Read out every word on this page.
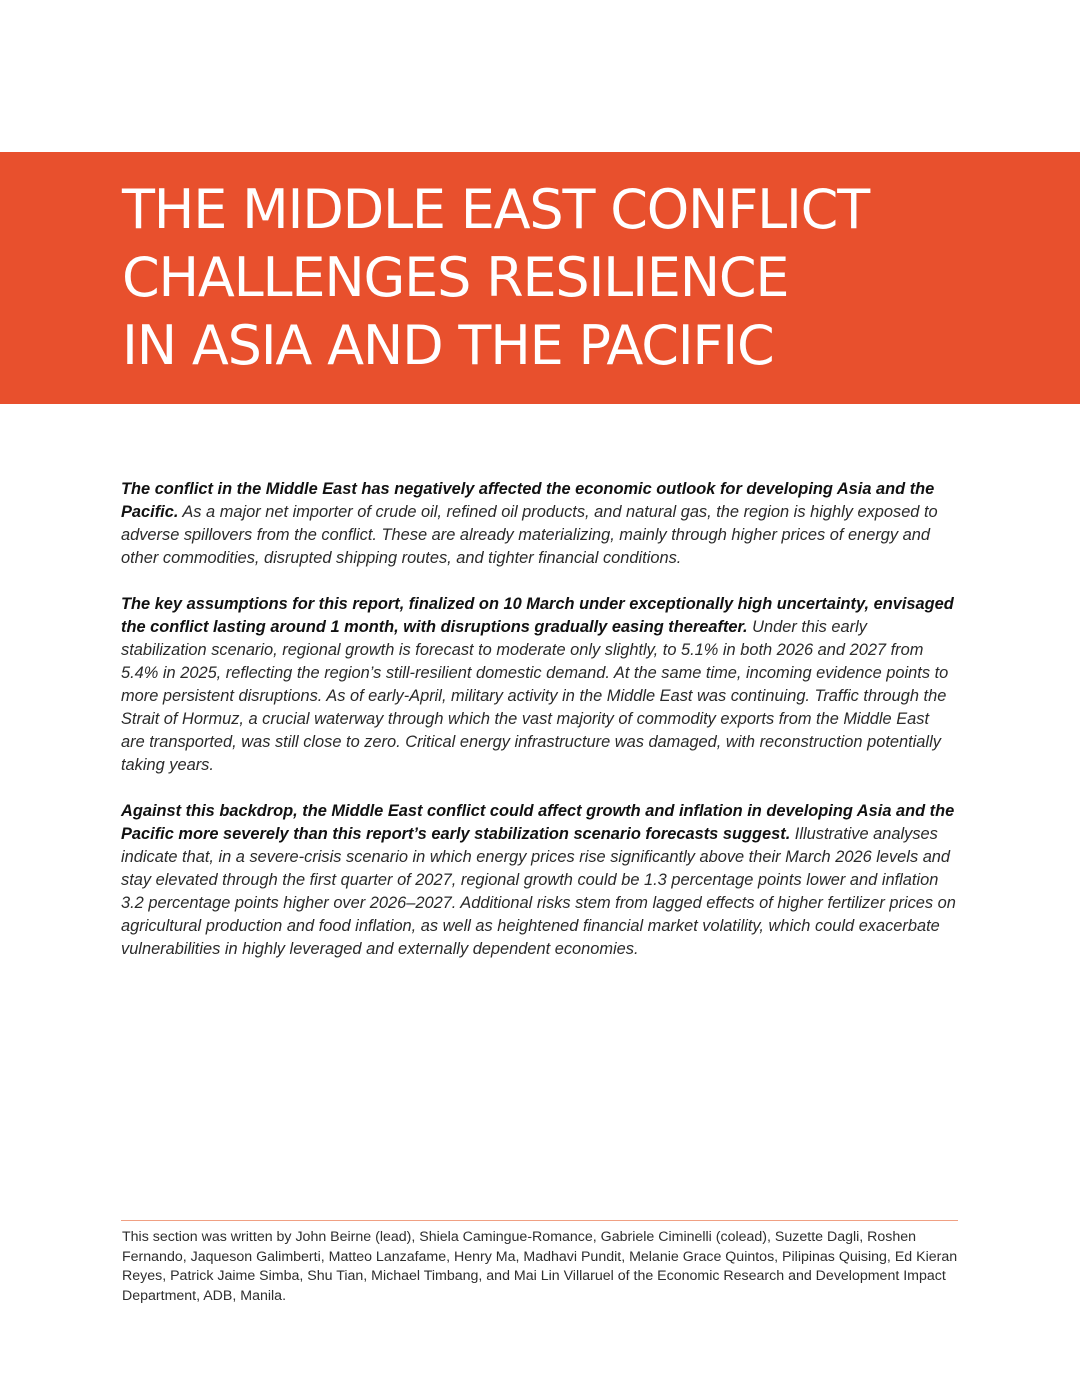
THE MIDDLE EAST CONFLICT
CHALLENGES RESILIENCE
IN ASIA AND THE PACIFIC

The conflict in the Middle East has negatively affected the economic outlook for developing Asia and the Pacific. As a major net importer of crude oil, refined oil products, and natural gas, the region is highly exposed to adverse spillovers from the conflict. These are already materializing, mainly through higher prices of energy and other commodities, disrupted shipping routes, and tighter financial conditions.

The key assumptions for this report, finalized on 10 March under exceptionally high uncertainty, envisaged the conflict lasting around 1 month, with disruptions gradually easing thereafter. Under this early stabilization scenario, regional growth is forecast to moderate only slightly, to 5.1% in both 2026 and 2027 from 5.4% in 2025, reflecting the region’s still-resilient domestic demand. At the same time, incoming evidence points to more persistent disruptions. As of early-April, military activity in the Middle East was continuing. Traffic through the Strait of Hormuz, a crucial waterway through which the vast majority of commodity exports from the Middle East are transported, was still close to zero. Critical energy infrastructure was damaged, with reconstruction potentially taking years.

Against this backdrop, the Middle East conflict could affect growth and inflation in developing Asia and the Pacific more severely than this report’s early stabilization scenario forecasts suggest. Illustrative analyses indicate that, in a severe-crisis scenario in which energy prices rise significantly above their March 2026 levels and stay elevated through the first quarter of 2027, regional growth could be 1.3 percentage points lower and inflation 3.2 percentage points higher over 2026–2027. Additional risks stem from lagged effects of higher fertilizer prices on agricultural production and food inflation, as well as heightened financial market volatility, which could exacerbate vulnerabilities in highly leveraged and externally dependent economies.

This section was written by John Beirne (lead), Shiela Camingue-Romance, Gabriele Ciminelli (colead), Suzette Dagli, Roshen Fernando, Jaqueson Galimberti, Matteo Lanzafame, Henry Ma, Madhavi Pundit, Melanie Grace Quintos, Pilipinas Quising, Ed Kieran Reyes, Patrick Jaime Simba, Shu Tian, Michael Timbang, and Mai Lin Villaruel of the Economic Research and Development Impact Department, ADB, Manila.
